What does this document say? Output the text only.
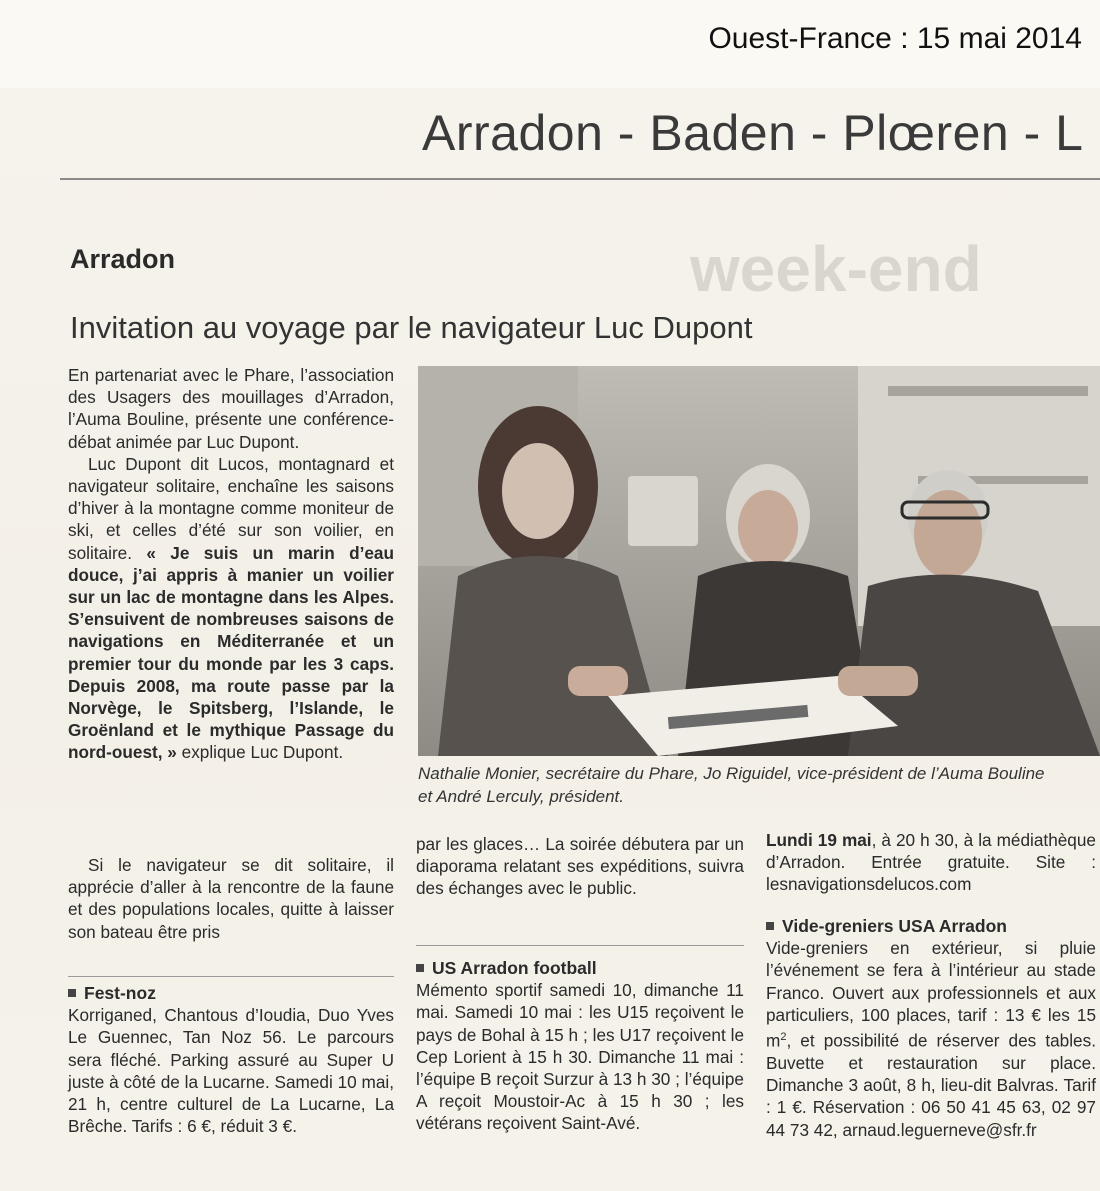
Ouest-France : 15 mai 2014
Arradon - Baden - Plœren - L
week-end
Arradon
Invitation au voyage par le navigateur Luc Dupont

En partenariat avec le Phare, l’association des Usagers des mouillages d’Arradon, l’Auma Bouline, présente une conférence-débat animée par Luc Dupont.

Luc Dupont dit Lucos, montagnard et navigateur solitaire, enchaîne les saisons d’hiver à la montagne comme moniteur de ski, et celles d’été sur son voilier, en solitaire. « Je suis un marin d’eau douce, j’ai appris à manier un voilier sur un lac de montagne dans les Alpes. S’ensuivent de nombreuses saisons de navigations en Méditerranée et un premier tour du monde par les 3 caps. Depuis 2008, ma route passe par la Norvège, le Spitsberg, l’Islande, le Groënland et le mythique Passage du nord-ouest, » explique Luc Dupont.

Si le navigateur se dit solitaire, il apprécie d’aller à la rencontre de la faune et des populations locales, quitte à laisser son bateau être pris

Fest-noz

Korriganed, Chantous d’Ioudia, Duo Yves Le Guennec, Tan Noz 56. Le parcours sera fléché. Parking assuré au Super U juste à côté de la Lucarne. Samedi 10 mai, 21 h, centre culturel de La Lucarne, La Brêche. Tarifs : 6 €, réduit 3 €.

Nathalie Monier, secrétaire du Phare, Jo Riguidel, vice-président de l’Auma Bouline et André Lerculy, président.

par les glaces… La soirée débutera par un diaporama relatant ses expéditions, suivra des échanges avec le public.

US Arradon football

Mémento sportif samedi 10, dimanche 11 mai. Samedi 10 mai : les U15 reçoivent le pays de Bohal à 15 h ; les U17 reçoivent le Cep Lorient à 15 h 30. Dimanche 11 mai : l’équipe B reçoit Surzur à 13 h 30 ; l’équipe A reçoit Moustoir-Ac à 15 h 30 ; les vétérans reçoivent Saint-Avé.

Lundi 19 mai, à 20 h 30, à la médiathèque d’Arradon. Entrée gratuite. Site : lesnavigationsdelucos.com

Vide-greniers USA Arradon

Vide-greniers en extérieur, si pluie l’événement se fera à l’intérieur au stade Franco. Ouvert aux professionnels et aux particuliers, 100 places, tarif : 13 € les 15 $m^2$, et possibilité de réserver des tables. Buvette et restauration sur place. Dimanche 3 août, 8 h, lieu-dit Balvras. Tarif : 1 €. Réservation : 06 50 41 45 63, 02 97 44 73 42, arnaud.leguerneve@sfr.fr
